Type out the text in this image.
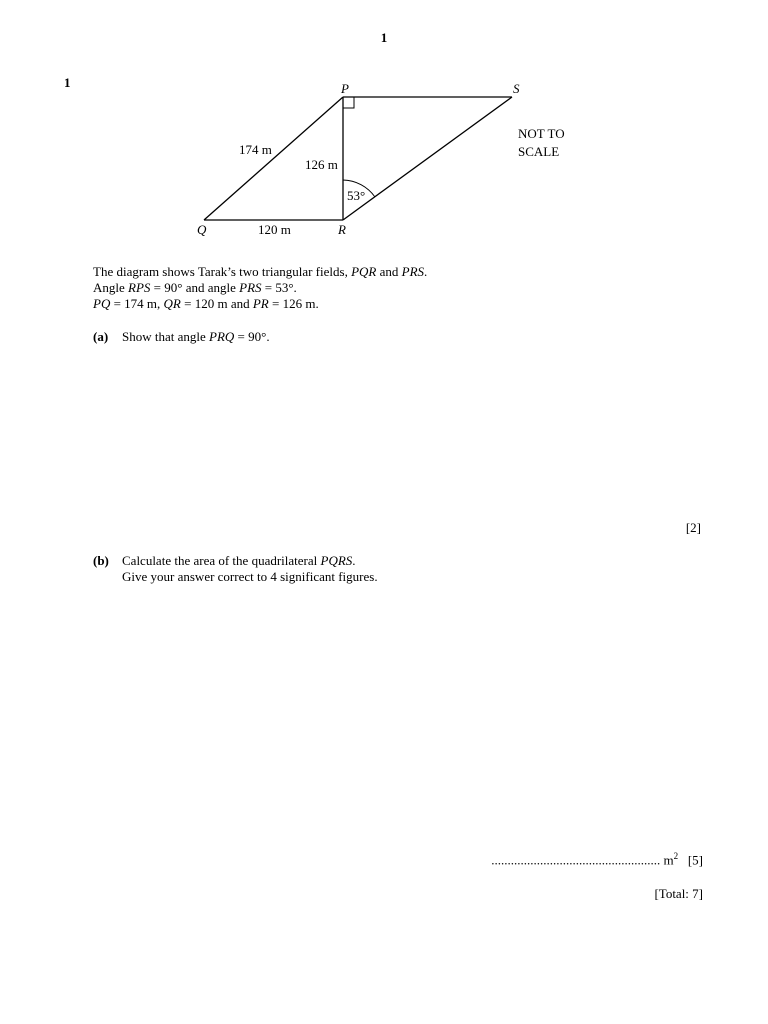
1
1	P
Q	R
S
174 m
126 m
120 m
53°
NOT TO
SCALE
The diagram shows Tarak’s two triangular fields, PQR and PRS.
Angle RPS = 90° and angle PRS = 53°.
PQ = 174 m, QR = 120 m and PR = 126 m.
(a) Show that angle PRQ = 90°.
[2]
(b) Calculate the area of the quadrilateral PQRS.
Give your answer correct to 4 significant figures.
.................................................... $m^2$ [5]
[Total: 7]
